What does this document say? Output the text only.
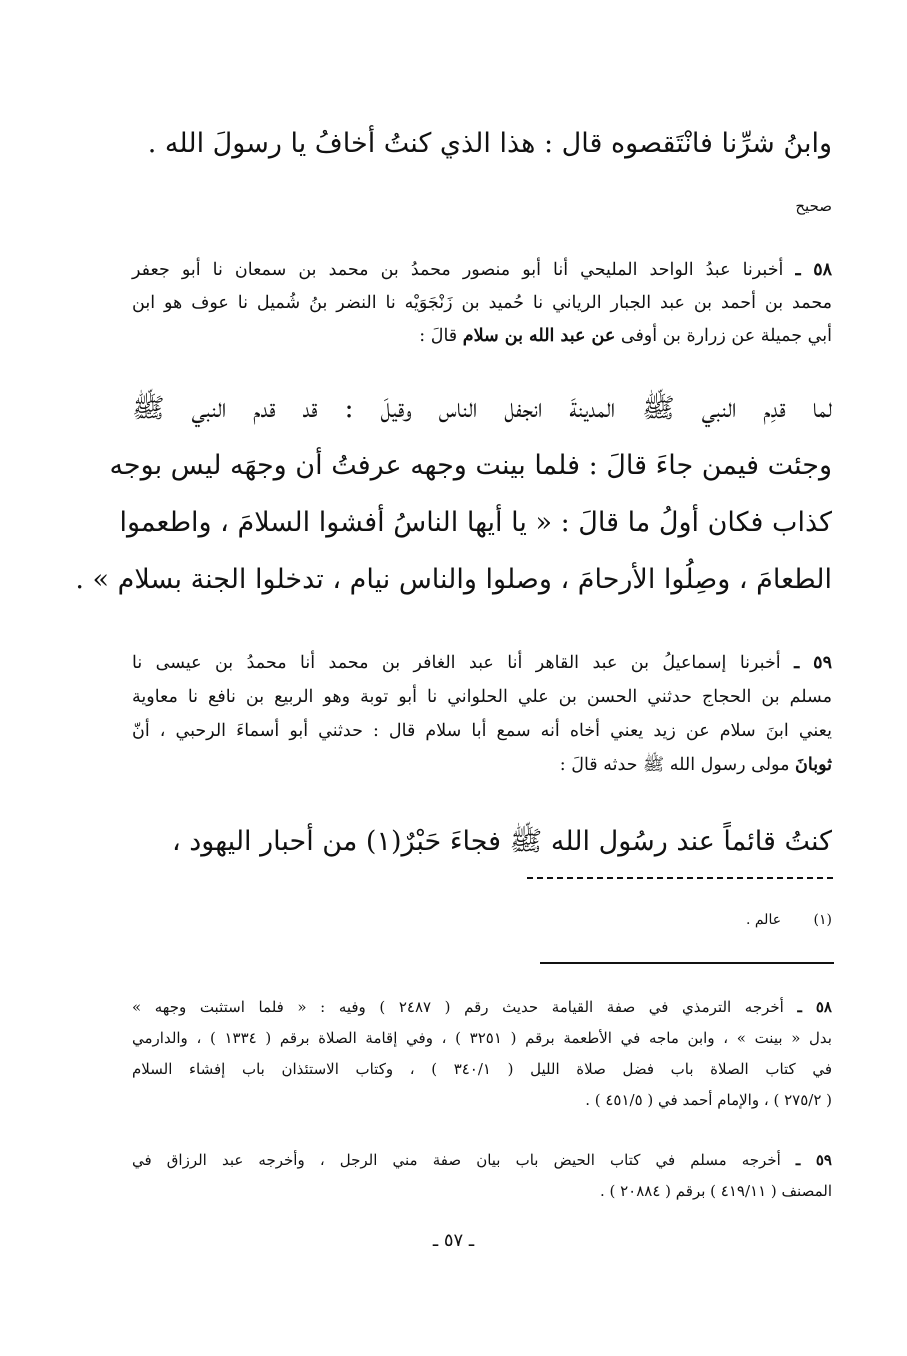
وابنُ شرِّنا فانْتَقصوه قال : هذا الذي كنتُ أخافُ يا رسولَ الله .
صحيح
٥٨ ـ أخبرنا عبدُ الواحد المليحي أنا أبو منصور محمدُ بن محمد بن سمعان نا أبو جعفر
محمد بن أحمد بن عبد الجبار الرياني نا حُميد بن زَنْجَوَيْه نا النضر بنُ شُميل نا عوف هو ابن
أبي جميلة عن زرارة بن أوفى عن عبد الله بن سلام قالَ :
لما قدِم النبي ﷺ المدينةَ انجفل الناس وقيلَ : قد قدم النبي ﷺ
وجئت فيمن جاءَ قالَ : فلما بينت وجهه عرفتُ أن وجهَه ليس بوجه
كذاب فكان أولُ ما قالَ : « يا أيها الناسُ أفشوا السلامَ ، واطعموا
الطعامَ ، وصِلُوا الأرحامَ ، وصلوا والناس نيام ، تدخلوا الجنة بسلام » .
٥٩ ـ أخبرنا إسماعيلُ بن عبد القاهر أنا عبد الغافر بن محمد أنا محمدُ بن عيسى نا
مسلم بن الحجاج حدثني الحسن بن علي الحلواني نا أبو توبة وهو الربيع بن نافع نا معاوية
يعني ابنَ سلام عن زيد يعني أخاه أنه سمع أبا سلام قال : حدثني أبو أسماءَ الرحبي ، أنّ
ثوبانَ مولى رسول الله ﷺ حدثه قالَ :
كنتُ قائماً عند رسُول الله ﷺ فجاءَ حَبْرٌ(١) من أحبار اليهود ،
(١) عالم .
٥٨ ـ أخرجه الترمذي في صفة القيامة حديث رقم ( ٢٤٨٧ ) وفيه : « فلما استثبت وجهه »
بدل « بينت » ، وابن ماجه في الأطعمة برقم ( ٣٢٥١ ) ، وفي إقامة الصلاة برقم ( ١٣٣٤ ) ، والدارمي
في كتاب الصلاة باب فضل صلاة الليل ( ٣٤٠/١ ) ، وكتاب الاستئذان باب إفشاء السلام
( ٢٧٥/٢ ) ، والإمام أحمد في ( ٤٥١/٥ ) .
٥٩ ـ أخرجه مسلم في كتاب الحيض باب بيان صفة مني الرجل ، وأخرجه عبد الرزاق في
المصنف ( ٤١٩/١١ ) برقم ( ٢٠٨٨٤ ) .
ـ ٥٧ ـ
